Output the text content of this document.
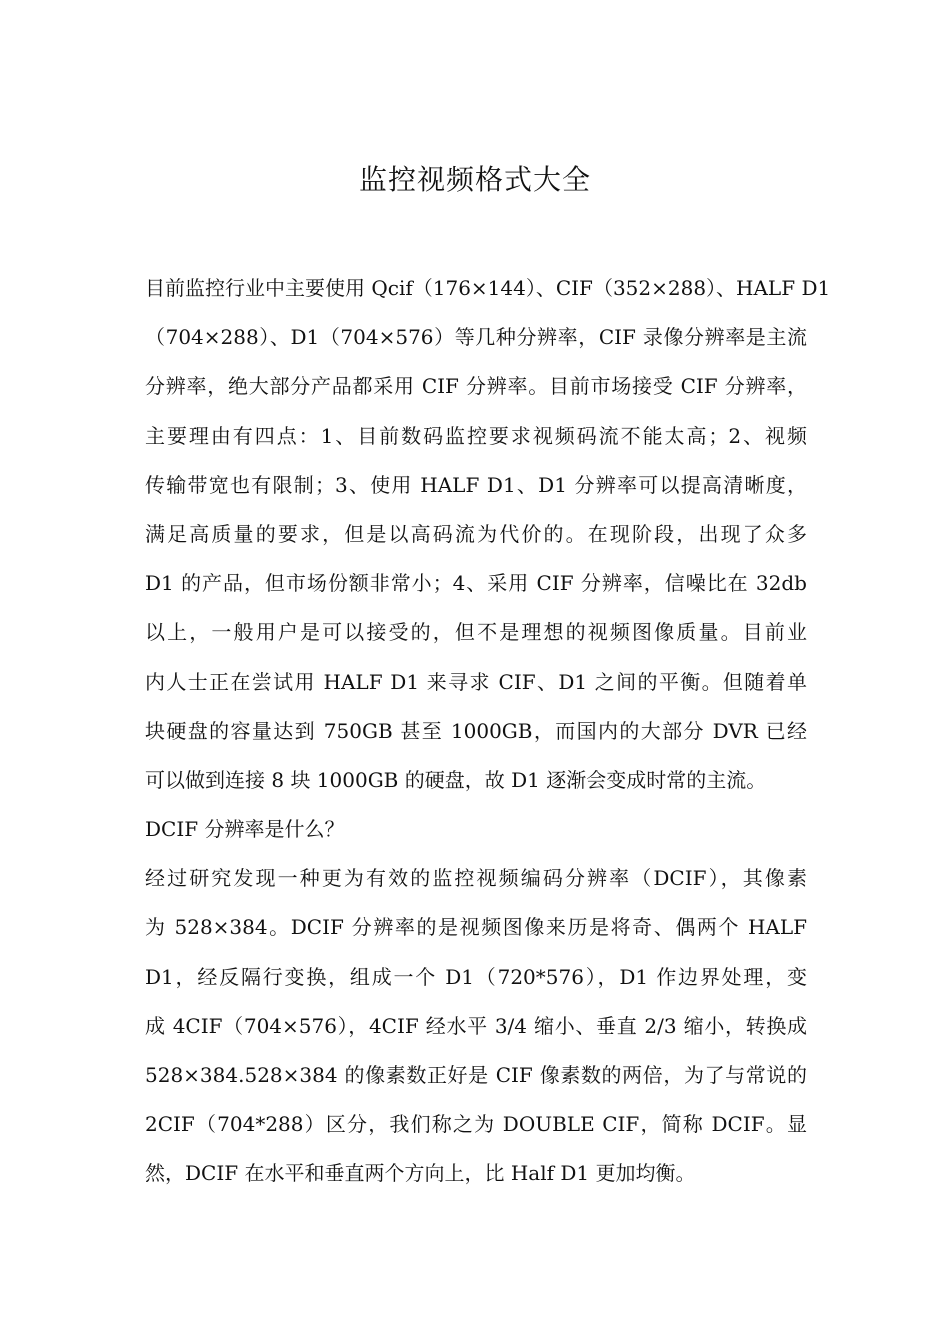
监控视频格式大全
目前监控行业中主要使用 Qcif（176×144）、CIF（352×288）、HALF D1
（704×288）、D1（704×576）等几种分辨率，CIF 录像分辨率是主流
分辨率，绝大部分产品都采用 CIF 分辨率。目前市场接受 CIF 分辨率，
主要理由有四点：1、目前数码监控要求视频码流不能太高；2、视频
传输带宽也有限制；3、使用 HALF D1、D1 分辨率可以提高清晰度，
满足高质量的要求，但是以高码流为代价的。在现阶段，出现了众多
D1 的产品，但市场份额非常小；4、采用 CIF 分辨率，信噪比在 32db
以上，一般用户是可以接受的，但不是理想的视频图像质量。目前业
内人士正在尝试用 HALF D1 来寻求 CIF、D1 之间的平衡。但随着单
块硬盘的容量达到 750GB 甚至 1000GB，而国内的大部分 DVR 已经
可以做到连接 8 块 1000GB 的硬盘，故 D1 逐渐会变成时常的主流。
DCIF 分辨率是什么？
经过研究发现一种更为有效的监控视频编码分辨率（DCIF），其像素
为 528×384。DCIF 分辨率的是视频图像来历是将奇、偶两个 HALF
D1，经反隔行变换，组成一个 D1（720*576），D1 作边界处理，变
成 4CIF（704×576），4CIF 经水平 3/4 缩小、垂直 2/3 缩小，转换成
528×384.528×384 的像素数正好是 CIF 像素数的两倍，为了与常说的
2CIF（704*288）区分，我们称之为 DOUBLE CIF，简称 DCIF。显
然，DCIF 在水平和垂直两个方向上，比 Half D1 更加均衡。
